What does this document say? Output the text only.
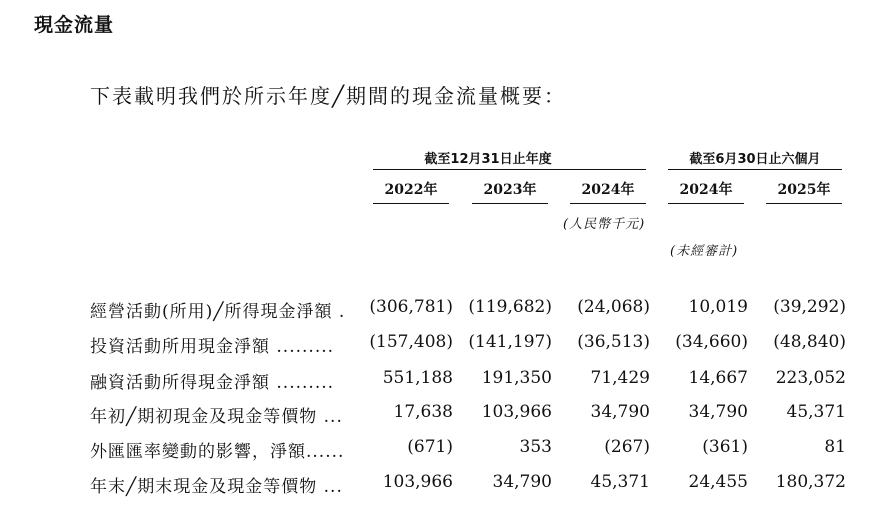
現金流量
下表載明我們於所示年度╱期間的現金流量概要：
截至12月31日止年度	截至6月30日止六個月
2022年	2023年	2024年	2024年	2025年
(人民幣千元)
(未經審計)
經營活動(所用)╱所得現金淨額 .	(306,781) (119,682)	(24,068)	10,019	(39,292)
投資活動所用現金淨額 .........	(157,408) (141,197)	(36,513)	(34,660)	(48,840)
融資活動所得現金淨額 .........	551,188	191,350	71,429	14,667	223,052
年初╱期初現金及現金等價物 ...	17,638	103,966	34,790	34,790	45,371
外匯匯率變動的影響，淨額......	(671)	353	(267)	(361)	81
年末╱期末現金及現金等價物 ...	103,966	34,790	45,371	24,455	180,372
